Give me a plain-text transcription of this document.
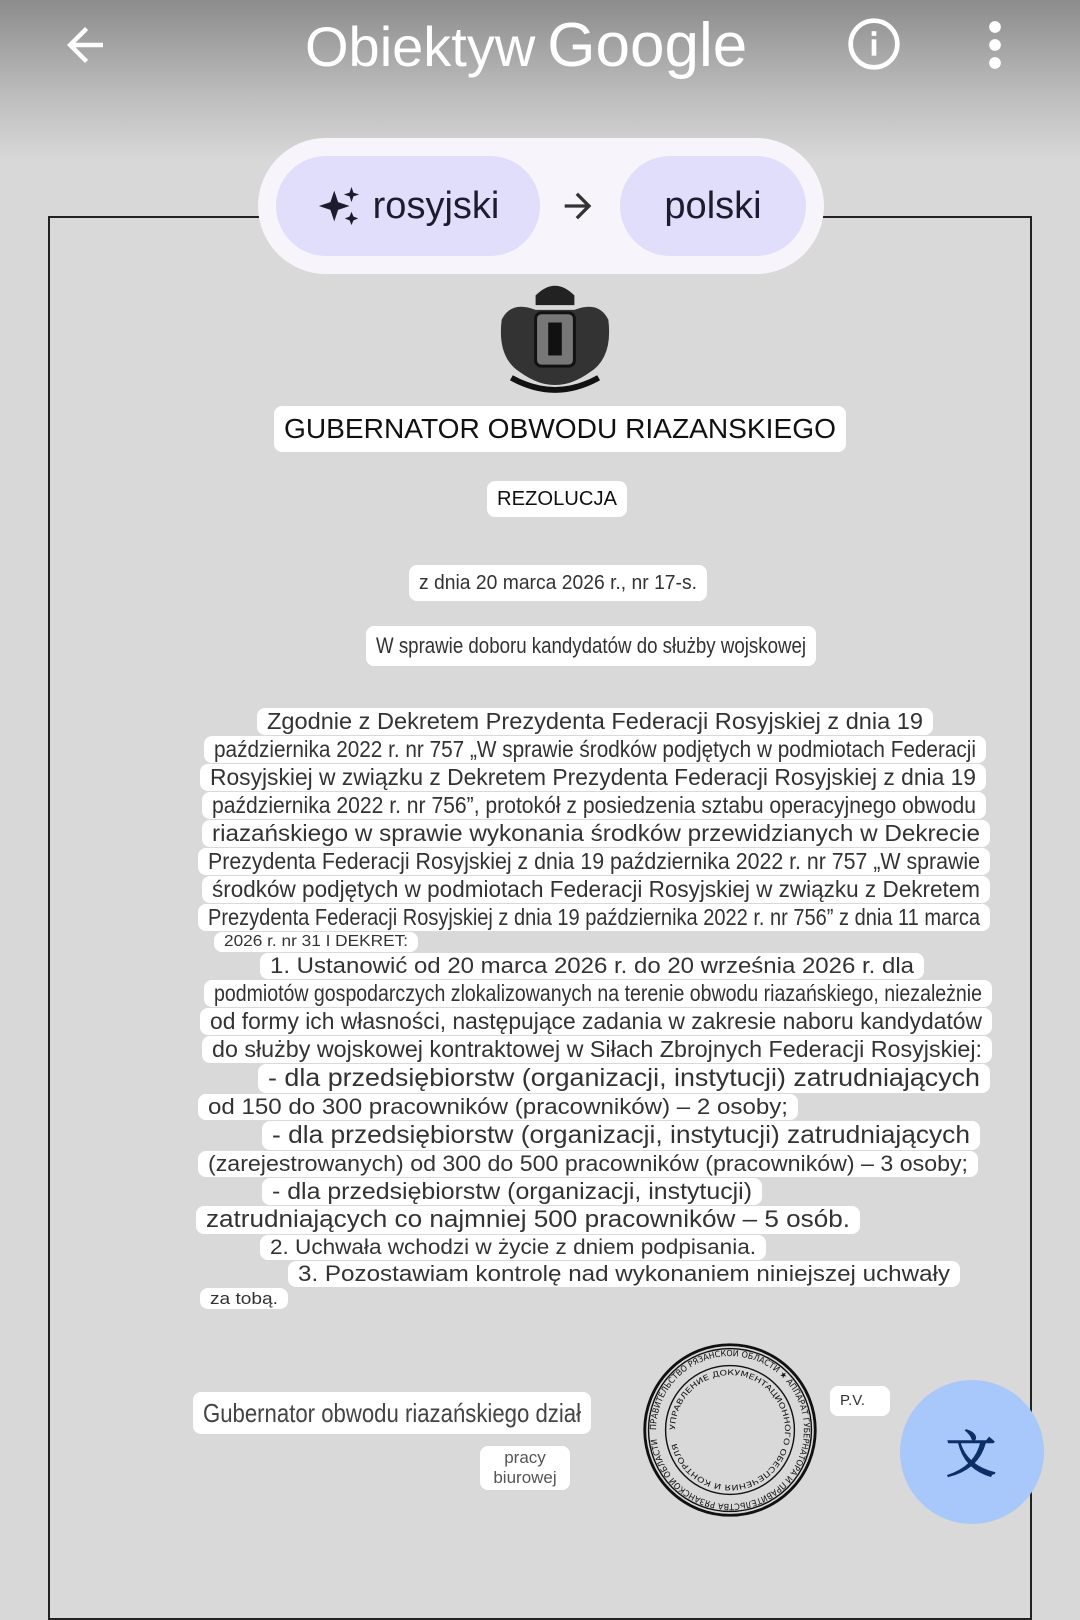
Obiektyw Google
rosyjski	polski
GUBERNATOR OBWODU RIAZANSKIEGO
REZOLUCJA
z dnia 20 marca 2026 r., nr 17-s.
W sprawie doboru kandydatów do służby wojskowej
Zgodnie z Dekretem Prezydenta Federacji Rosyjskiej z dnia 19
października 2022 r. nr 757 „W sprawie środków podjętych w podmiotach Federacji
Rosyjskiej w związku z Dekretem Prezydenta Federacji Rosyjskiej z dnia 19
października 2022 r. nr 756”, protokół z posiedzenia sztabu operacyjnego obwodu
riazańskiego w sprawie wykonania środków przewidzianych w Dekrecie
Prezydenta Federacji Rosyjskiej z dnia 19 października 2022 r. nr 757 „W sprawie
środków podjętych w podmiotach Federacji Rosyjskiej w związku z Dekretem
Prezydenta Federacji Rosyjskiej z dnia 19 października 2022 r. nr 756” z dnia 11 marca
2026 r. nr 31 I DEKRET:
1. Ustanowić od 20 marca 2026 r. do 20 września 2026 r. dla
podmiotów gospodarczych zlokalizowanych na terenie obwodu riazańskiego, niezależnie
od formy ich własności, następujące zadania w zakresie naboru kandydatów
do służby wojskowej kontraktowej w Siłach Zbrojnych Federacji Rosyjskiej:
- dla przedsiębiorstw (organizacji, instytucji) zatrudniających
od 150 do 300 pracowników (pracowników) – 2 osoby;
- dla przedsiębiorstw (organizacji, instytucji) zatrudniających
(zarejestrowanych) od 300 do 500 pracowników (pracowników) – 3 osoby;
- dla przedsiębiorstw (organizacji, instytucji)
zatrudniających co najmniej 500 pracowników – 5 osób.
2. Uchwała wchodzi w życie z dniem podpisania.
3. Pozostawiam kontrolę nad wykonaniem niniejszej uchwały
za tobą.
ПРАВИТЕЛЬСТВО РЯЗАНСКОЙ ОБЛАСТИ ★ АППАРАТ ГУБЕРНАТОРА И ПРАВИТЕЛЬСТВА РЯЗАНСКОЙ ОБЛАСТИ
УПРАВЛЕНИЕ ДОКУМЕНТАЦИОННОГО ОБЕСПЕЧЕНИЯ И КОНТРОЛЯ
Gubernator obwodu riazańskiego dział
pracy biurowej
P.V.
文
